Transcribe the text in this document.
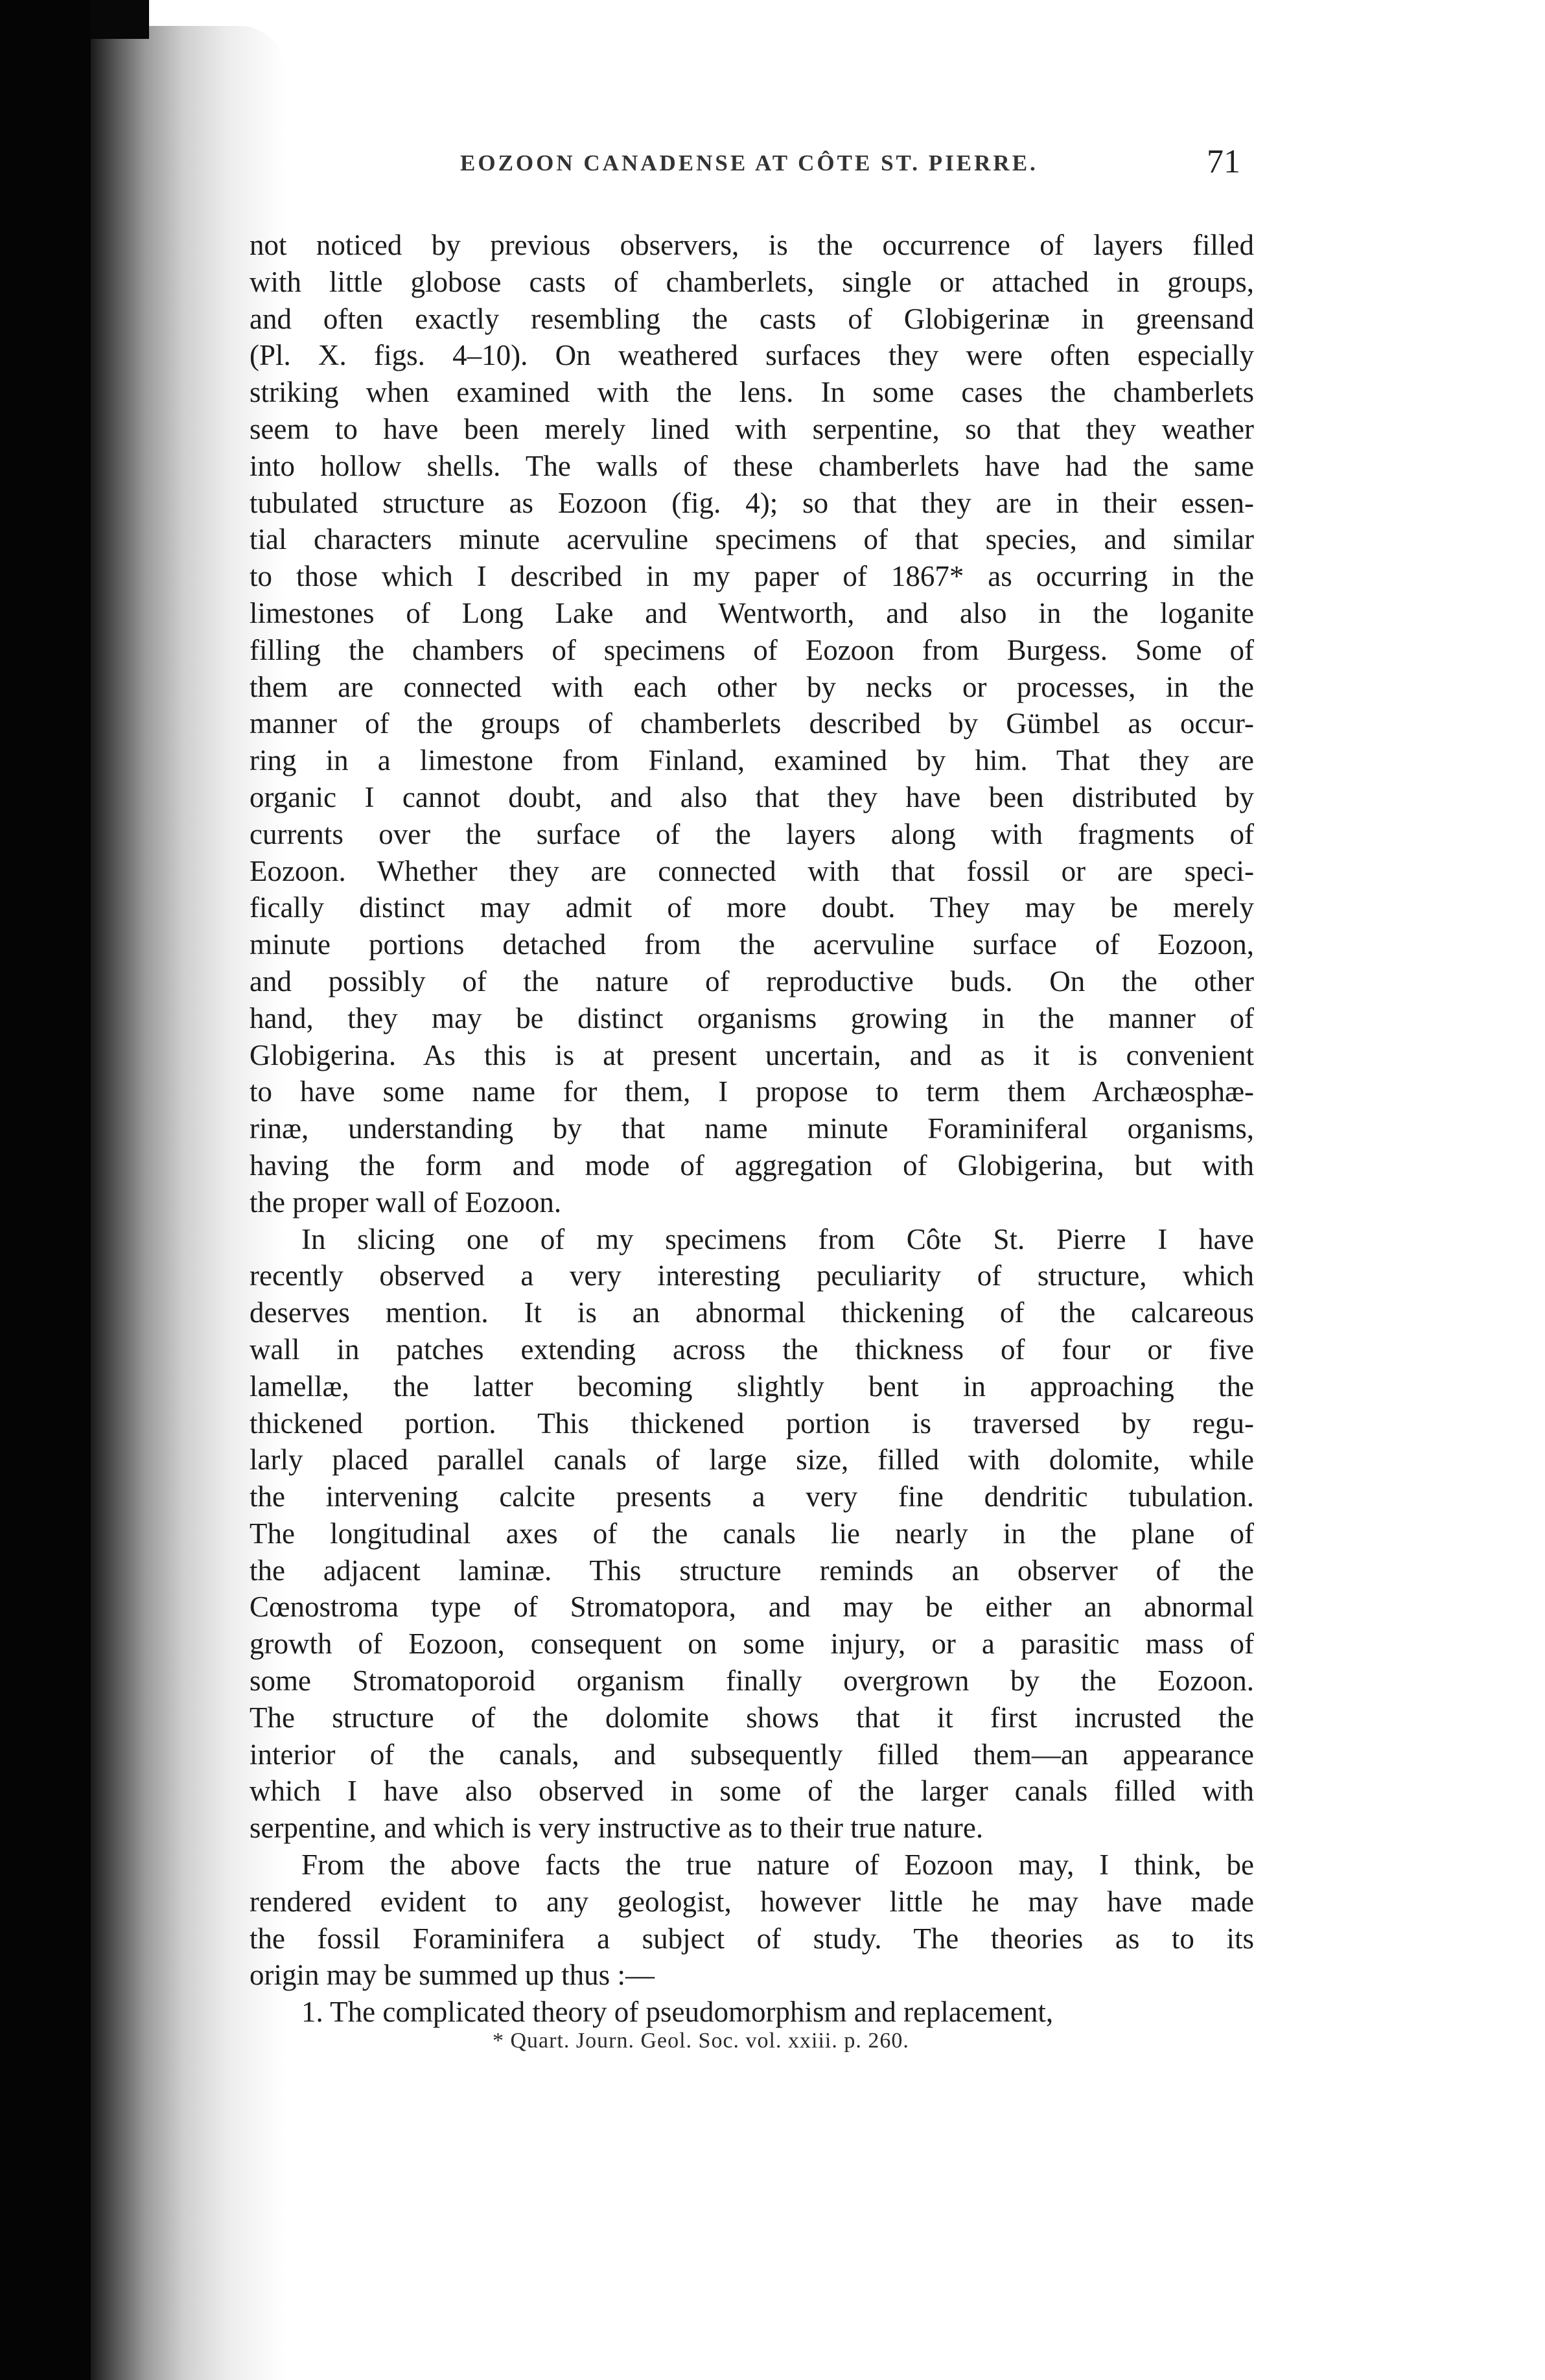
EOZOON CANADENSE AT CÔTE ST. PIERRE.	71
not noticed by previous observers, is the occurrence of layers filled
with little globose casts of chamberlets, single or attached in groups,
and often exactly resembling the casts of Globigerinæ in greensand
(Pl. X. figs. 4–10). On weathered surfaces they were often especially
striking when examined with the lens. In some cases the chamberlets
seem to have been merely lined with serpentine, so that they weather
into hollow shells. The walls of these chamberlets have had the same
tubulated structure as Eozoon (fig. 4); so that they are in their essen-
tial characters minute acervuline specimens of that species, and similar
to those which I described in my paper of 1867* as occurring in the
limestones of Long Lake and Wentworth, and also in the loganite
filling the chambers of specimens of Eozoon from Burgess. Some of
them are connected with each other by necks or processes, in the
manner of the groups of chamberlets described by Gümbel as occur-
ring in a limestone from Finland, examined by him. That they are
organic I cannot doubt, and also that they have been distributed by
currents over the surface of the layers along with fragments of
Eozoon. Whether they are connected with that fossil or are speci-
fically distinct may admit of more doubt. They may be merely
minute portions detached from the acervuline surface of Eozoon,
and possibly of the nature of reproductive buds. On the other
hand, they may be distinct organisms growing in the manner of
Globigerina. As this is at present uncertain, and as it is convenient
to have some name for them, I propose to term them Archæosphæ-
rinæ, understanding by that name minute Foraminiferal organisms,
having the form and mode of aggregation of Globigerina, but with
the proper wall of Eozoon.
In slicing one of my specimens from Côte St. Pierre I have
recently observed a very interesting peculiarity of structure, which
deserves mention. It is an abnormal thickening of the calcareous
wall in patches extending across the thickness of four or five
lamellæ, the latter becoming slightly bent in approaching the
thickened portion. This thickened portion is traversed by regu-
larly placed parallel canals of large size, filled with dolomite, while
the intervening calcite presents a very fine dendritic tubulation.
The longitudinal axes of the canals lie nearly in the plane of
the adjacent laminæ. This structure reminds an observer of the
Cœnostroma type of Stromatopora, and may be either an abnormal
growth of Eozoon, consequent on some injury, or a parasitic mass of
some Stromatoporoid organism finally overgrown by the Eozoon.
The structure of the dolomite shows that it first incrusted the
interior of the canals, and subsequently filled them—an appearance
which I have also observed in some of the larger canals filled with
serpentine, and which is very instructive as to their true nature.
From the above facts the true nature of Eozoon may, I think, be
rendered evident to any geologist, however little he may have made
the fossil Foraminifera a subject of study. The theories as to its
origin may be summed up thus :—
1. The complicated theory of pseudomorphism and replacement,
* Quart. Journ. Geol. Soc. vol. xxiii. p. 260.
